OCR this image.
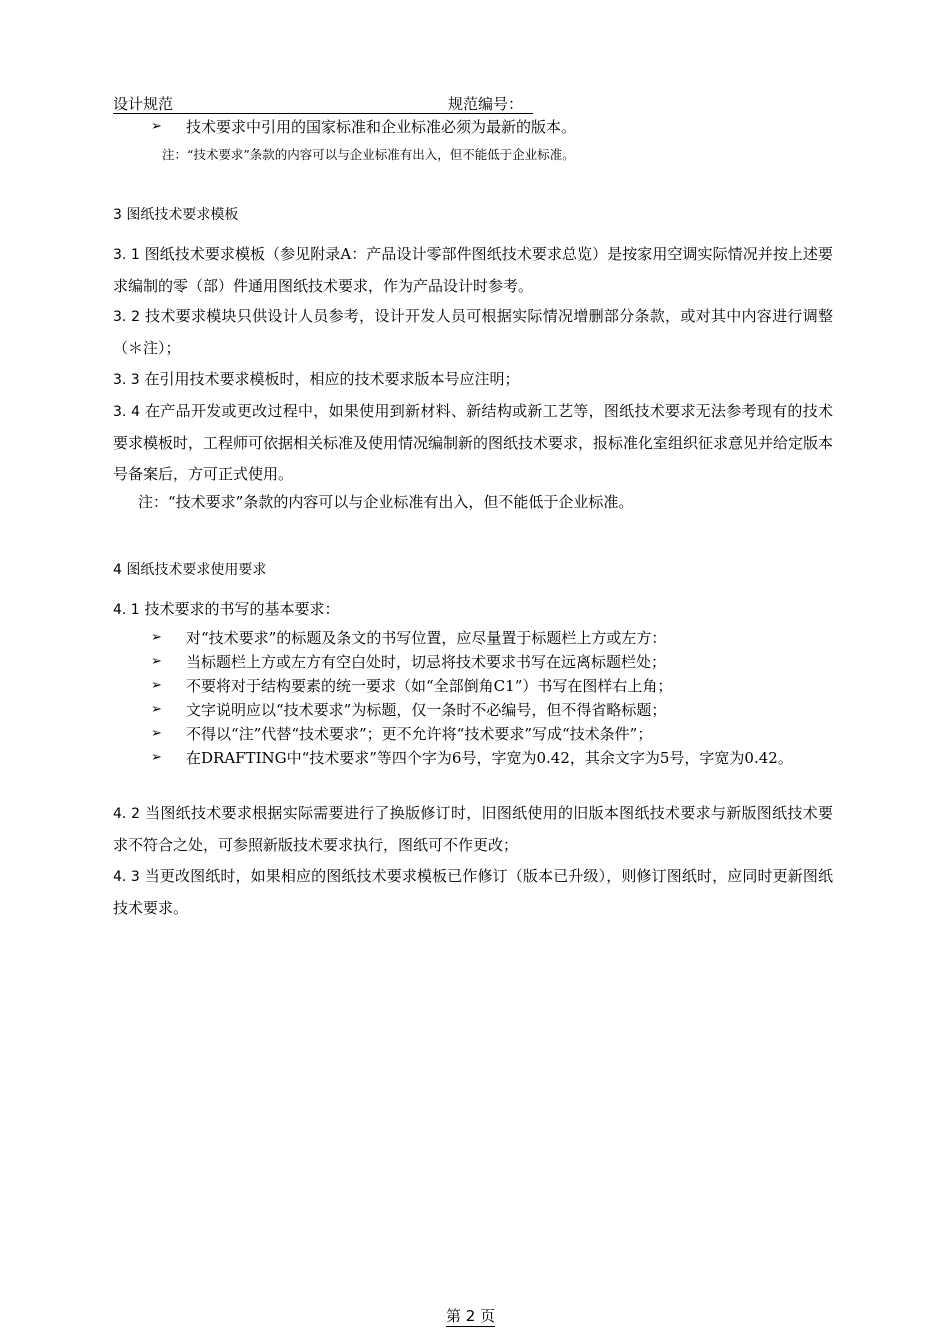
设计规范	规范编号：
➢	技术要求中引用的国家标准和企业标准必须为最新的版本。
注：“技术要求”条款的内容可以与企业标准有出入，但不能低于企业标准。
3 图纸技术要求模板
3. 1 图纸技术要求模板（参见附录A：产品设计零部件图纸技术要求总览）是按家用空调实际情况并按上述要求编制的零（部）件通用图纸技术要求，作为产品设计时参考。
3. 2 技术要求模块只供设计人员参考，设计开发人员可根据实际情况增删部分条款，或对其中内容进行调整（＊注）；
3. 3 在引用技术要求模板时，相应的技术要求版本号应注明；
3. 4 在产品开发或更改过程中，如果使用到新材料、新结构或新工艺等，图纸技术要求无法参考现有的技术要求模板时，工程师可依据相关标准及使用情况编制新的图纸技术要求，报标准化室组织征求意见并给定版本号备案后，方可正式使用。
注：“技术要求”条款的内容可以与企业标准有出入，但不能低于企业标准。
4 图纸技术要求使用要求
4. 1 技术要求的书写的基本要求：
➢	对“技术要求”的标题及条文的书写位置，应尽量置于标题栏上方或左方：
➢	当标题栏上方或左方有空白处时，切忌将技术要求书写在远离标题栏处；
➢	不要将对于结构要素的统一要求（如“全部倒角C1”）书写在图样右上角；
➢	文字说明应以“技术要求”为标题，仅一条时不必编号，但不得省略标题；
➢	不得以“注”代替“技术要求”；更不允许将“技术要求”写成“技术条件”；
➢	在DRAFTING中“技术要求”等四个字为6号，字宽为0.42，其余文字为5号，字宽为0.42。
4. 2 当图纸技术要求根据实际需要进行了换版修订时，旧图纸使用的旧版本图纸技术要求与新版图纸技术要求不符合之处，可参照新版技术要求执行，图纸可不作更改；
4. 3 当更改图纸时，如果相应的图纸技术要求模板已作修订（版本已升级），则修订图纸时，应同时更新图纸技术要求。
第 2 页
